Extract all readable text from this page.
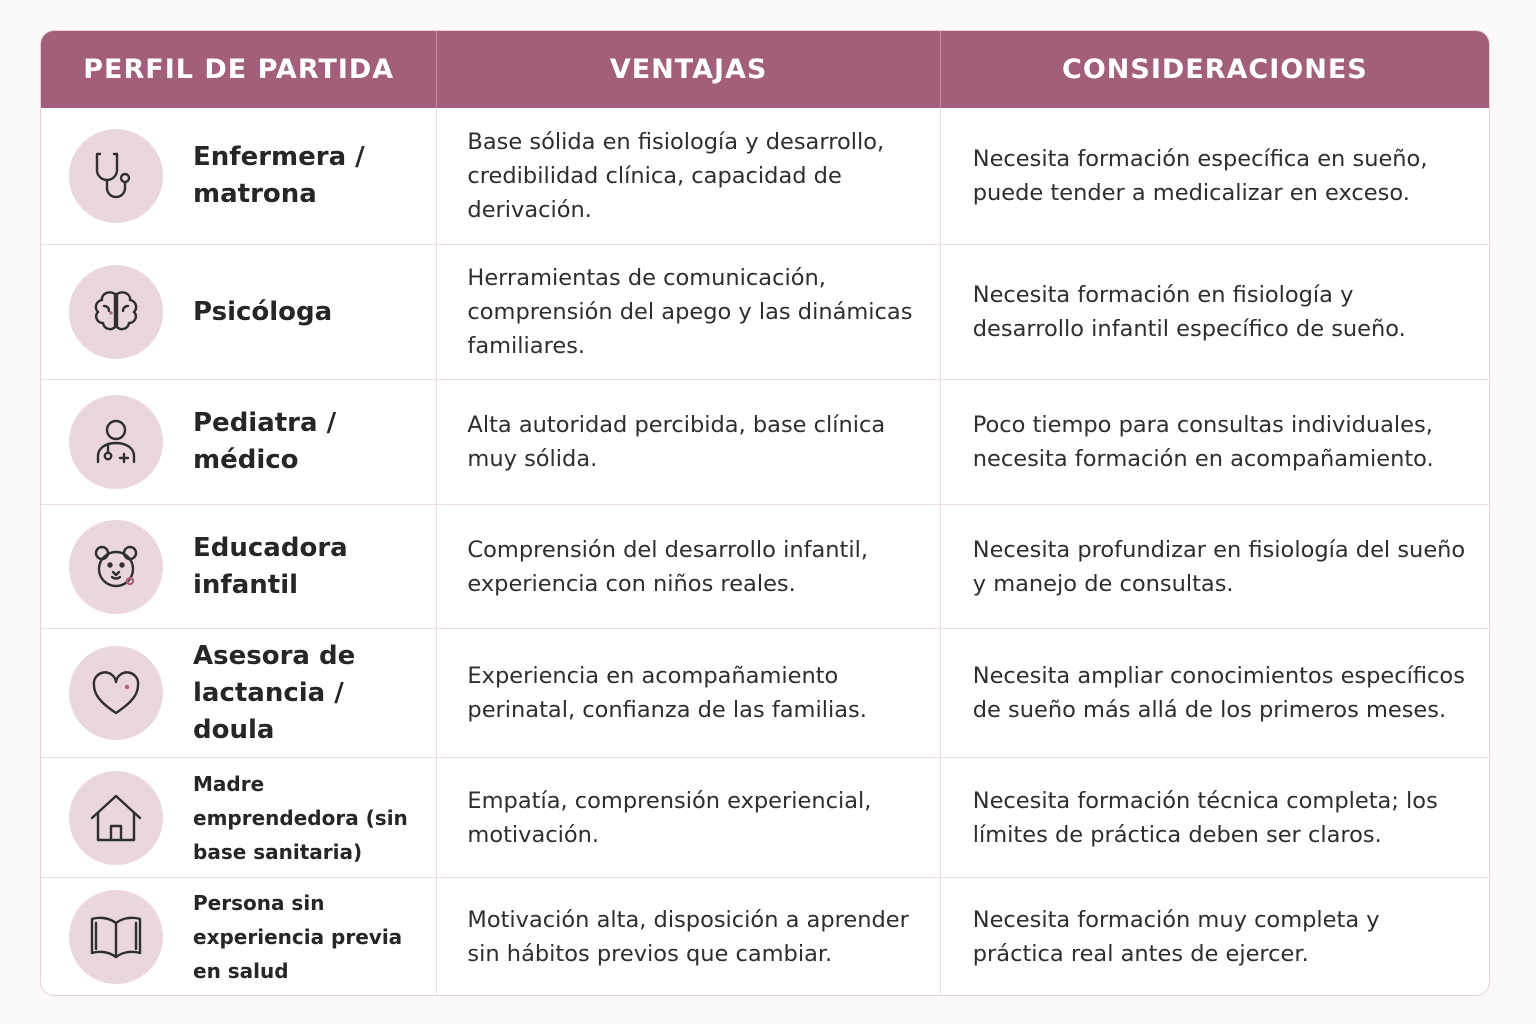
PERFIL DE PARTIDA	VENTAJAS	CONSIDERACIONES
Enfermera / matrona
Base sólida en fisiología y desarrollo, credibilidad clínica, capacidad de derivación.
Necesita formación específica en sueño, puede tender a medicalizar en exceso.
Psicóloga
Herramientas de comunicación, comprensión del apego y las dinámicas familiares.
Necesita formación en fisiología y desarrollo infantil específico de sueño.
Pediatra / médico
Alta autoridad percibida, base clínica muy sólida.
Poco tiempo para consultas individuales, necesita formación en acompañamiento.
Educadora infantil
Comprensión del desarrollo infantil, experiencia con niños reales.
Necesita profundizar en fisiología del sueño y manejo de consultas.
Asesora de lactancia / doula
Experiencia en acompañamiento perinatal, confianza de las familias.
Necesita ampliar conocimientos específicos de sueño más allá de los primeros meses.
Madre emprendedora (sin base sanitaria)
Empatía, comprensión experiencial, motivación.
Necesita formación técnica completa; los límites de práctica deben ser claros.
Persona sin experiencia previa en salud
Motivación alta, disposición a aprender sin hábitos previos que cambiar.
Necesita formación muy completa y práctica real antes de ejercer.
